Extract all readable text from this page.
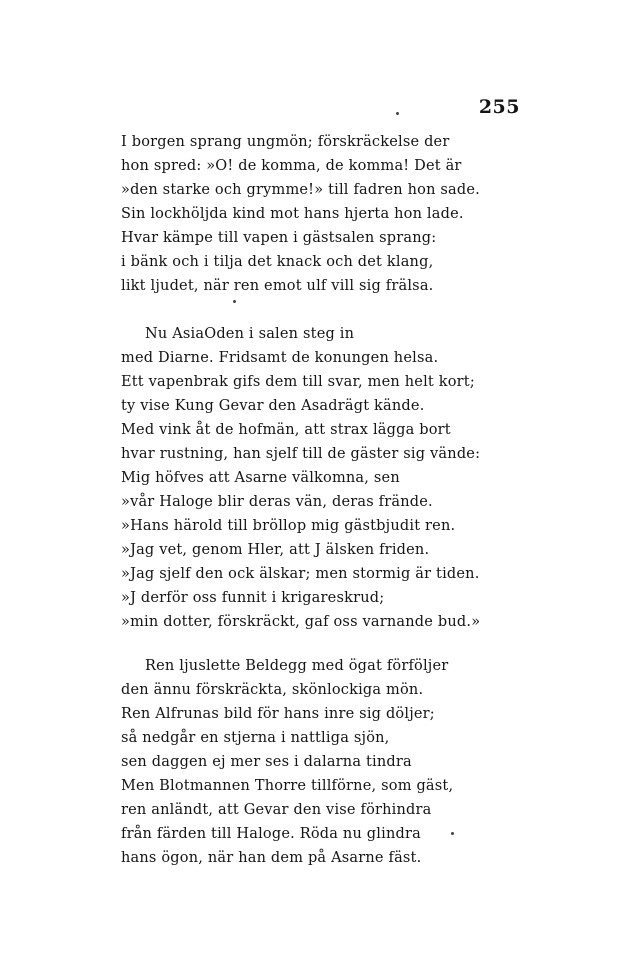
255
I borgen sprang ungmön; förskräckelse der
hon spred: »O! de komma, de komma! Det är
»den starke och grymme!» till fadren hon sade.
Sin lockhöljda kind mot hans hjerta hon lade.
Hvar kämpe till vapen i gästsalen sprang:
i bänk och i tilja det knack och det klang,
likt ljudet, när ren emot ulf vill sig frälsa.
Nu AsiaOden i salen steg in
med Diarne. Fridsamt de konungen helsa.
Ett vapenbrak gifs dem till svar, men helt kort;
ty vise Kung Gevar den Asadrägt kände.
Med vink åt de hofmän, att strax lägga bort
hvar rustning, han sjelf till de gäster sig vände:
Mig höfves att Asarne välkomna, sen
»vår Haloge blir deras vän, deras frände.
»Hans härold till bröllop mig gästbjudit ren.
»Jag vet, genom Hler, att J älsken friden.
»Jag sjelf den ock älskar; men stormig är tiden.
»J derför oss funnit i krigareskrud;
»min dotter, förskräckt, gaf oss varnande bud.»
Ren ljuslette Beldegg med ögat förföljer
den ännu förskräckta, skönlockiga mön.
Ren Alfrunas bild för hans inre sig döljer;
så nedgår en stjerna i nattliga sjön,
sen daggen ej mer ses i dalarna tindra
Men Blotmannen Thorre tillförne, som gäst,
ren anländt, att Gevar den vise förhindra
från färden till Haloge. Röda nu glindra
hans ögon, när han dem på Asarne fäst.
